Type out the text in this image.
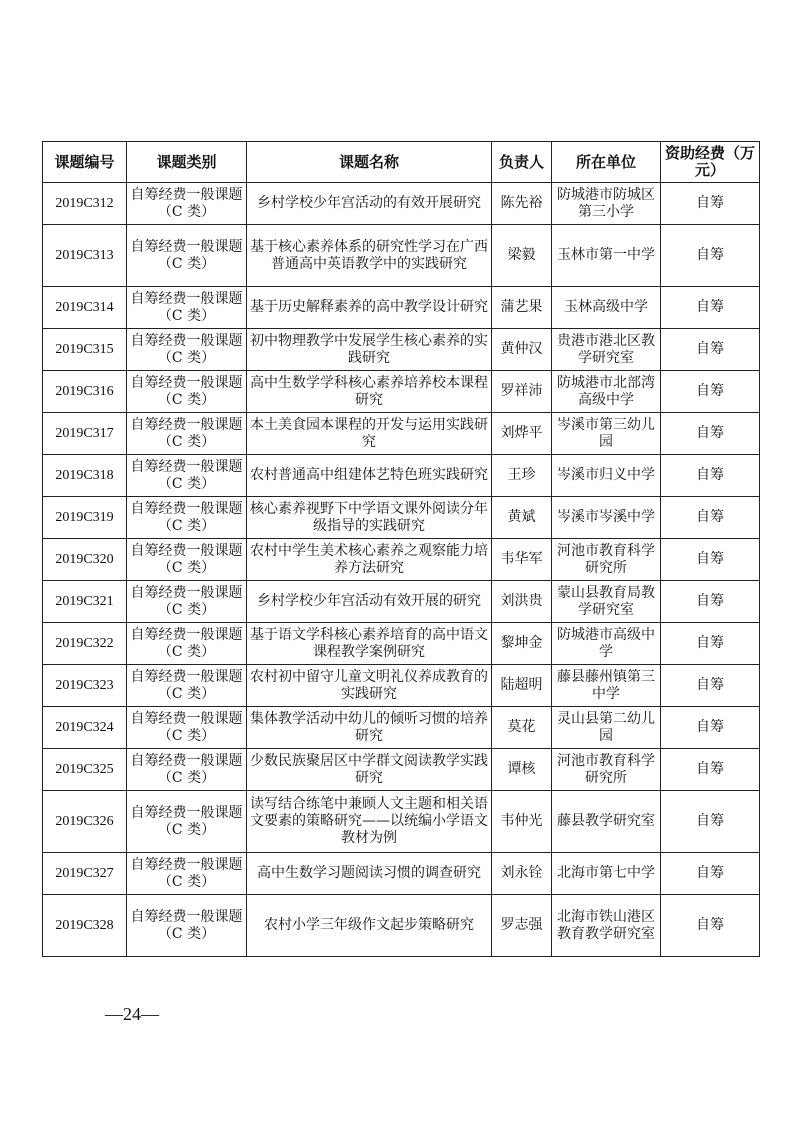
课题编号	课题类别	课题名称	负责人	所在单位	资助经费（万元）
2019C312	自筹经费一般课题（C 类）	乡村学校少年宫活动的有效开展研究	陈先裕	防城港市防城区第三小学	自筹
2019C313	自筹经费一般课题（C 类）	基于核心素养体系的研究性学习在广西普通高中英语教学中的实践研究	梁毅	玉林市第一中学	自筹
2019C314	自筹经费一般课题（C 类）	基于历史解释素养的高中教学设计研究	蒲艺果	玉林高级中学	自筹
2019C315	自筹经费一般课题（C 类）	初中物理教学中发展学生核心素养的实践研究	黄仲汉	贵港市港北区教学研究室	自筹
2019C316	自筹经费一般课题（C 类）	高中生数学学科核心素养培养校本课程研究	罗祥沛	防城港市北部湾高级中学	自筹
2019C317	自筹经费一般课题（C 类）	本土美食园本课程的开发与运用实践研究	刘烨平	岑溪市第三幼儿园	自筹
2019C318	自筹经费一般课题（C 类）	农村普通高中组建体艺特色班实践研究	王珍	岑溪市归义中学	自筹
2019C319	自筹经费一般课题（C 类）	核心素养视野下中学语文课外阅读分年级指导的实践研究	黄斌	岑溪市岑溪中学	自筹
2019C320	自筹经费一般课题（C 类）	农村中学生美术核心素养之观察能力培养方法研究	韦华军	河池市教育科学研究所	自筹
2019C321	自筹经费一般课题（C 类）	乡村学校少年宫活动有效开展的研究	刘洪贵	蒙山县教育局教学研究室	自筹
2019C322	自筹经费一般课题（C 类）	基于语文学科核心素养培育的高中语文课程教学案例研究	黎坤金	防城港市高级中学	自筹
2019C323	自筹经费一般课题（C 类）	农村初中留守儿童文明礼仪养成教育的实践研究	陆超明	藤县藤州镇第三中学	自筹
2019C324	自筹经费一般课题（C 类）	集体教学活动中幼儿的倾听习惯的培养研究	莫花	灵山县第二幼儿园	自筹
2019C325	自筹经费一般课题（C 类）	少数民族聚居区中学群文阅读教学实践研究	谭核	河池市教育科学研究所	自筹
2019C326	自筹经费一般课题（C 类）	读写结合练笔中兼顾人文主题和相关语文要素的策略研究——以统编小学语文教材为例	韦仲光	藤县教学研究室	自筹
2019C327	自筹经费一般课题（C 类）	高中生数学习题阅读习惯的调查研究	刘永铨	北海市第七中学	自筹
2019C328	自筹经费一般课题（C 类）	农村小学三年级作文起步策略研究	罗志强	北海市铁山港区教育教学研究室	自筹
—24—
